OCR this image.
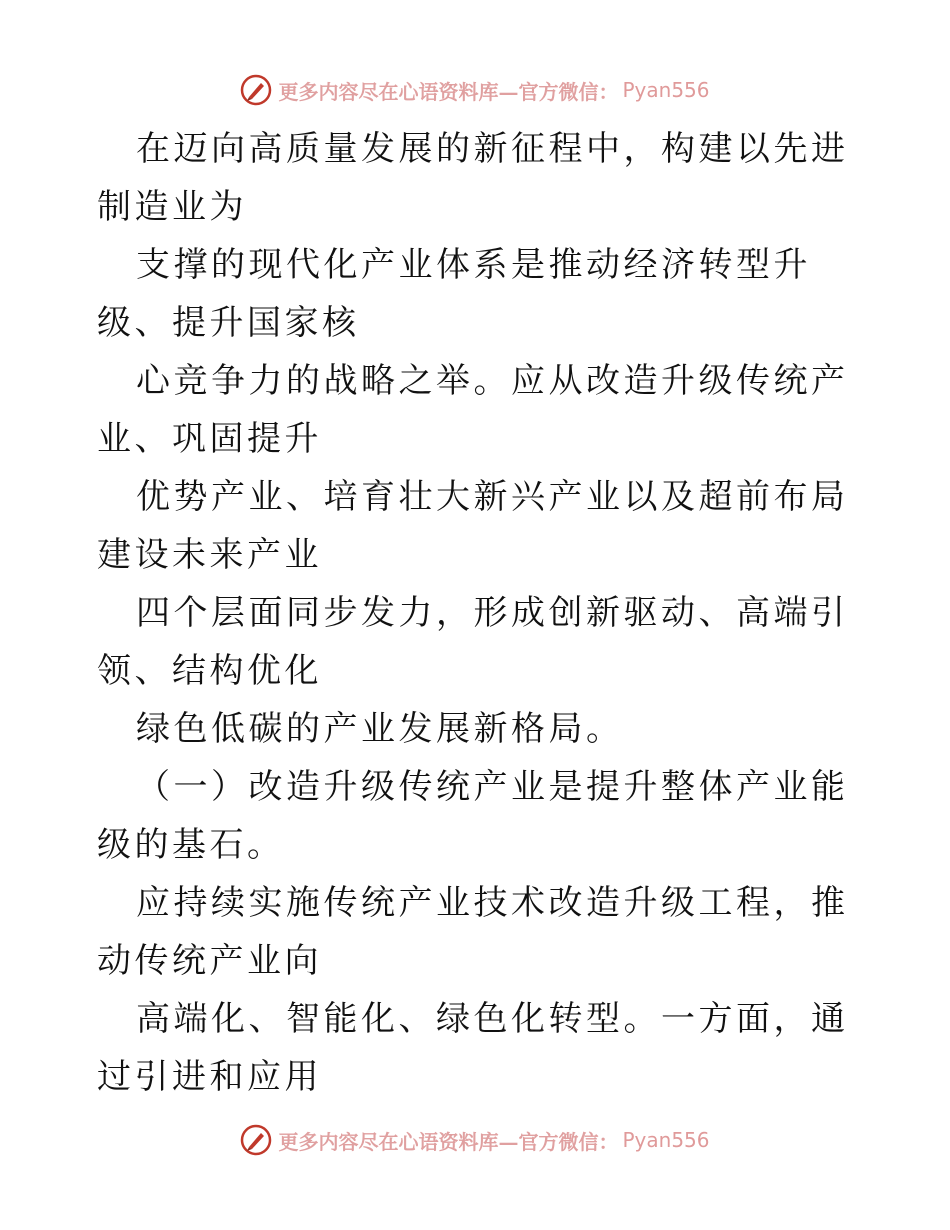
更多内容尽在心语资料库—官方微信： Pyan556

在迈向高质量发展的新征程中，构建以先进制造业为

支撑的现代化产业体系是推动经济转型升级、提升国家核

心竞争力的战略之举。应从改造升级传统产业、巩固提升

优势产业、培育壮大新兴产业以及超前布局建设未来产业

四个层面同步发力，形成创新驱动、高端引领、结构优化

绿色低碳的产业发展新格局。

（一）改造升级传统产业是提升整体产业能级的基石。

应持续实施传统产业技术改造升级工程，推动传统产业向

高端化、智能化、绿色化转型。一方面，通过引进和应用

更多内容尽在心语资料库—官方微信： Pyan556
